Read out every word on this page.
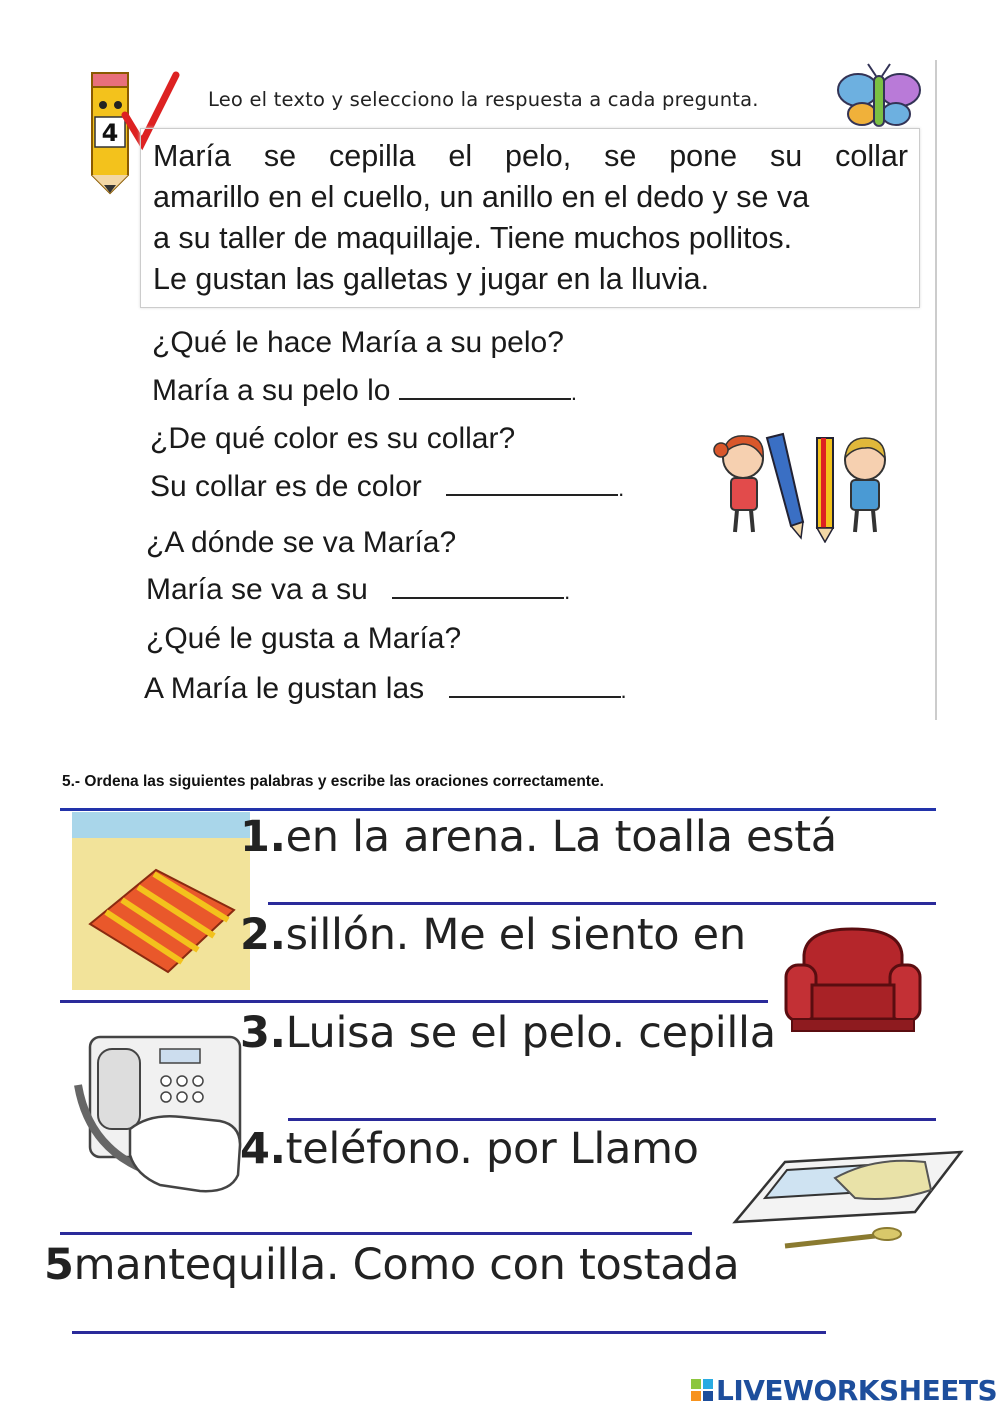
4
Leo el texto y selecciono la respuesta a cada pregunta.
María se cepilla el pelo, se pone su collar
amarillo en el cuello, un anillo en el dedo y se va
a su taller de maquillaje. Tiene muchos pollitos.
Le gustan las galletas y jugar en la lluvia.
¿Qué le hace María a su pelo?
María a su pelo lo	.
¿De qué color es su collar?
Su collar es de color	.
¿A dónde se va María?
María se va a su	.
¿Qué le gusta a María?
A María le gustan las	.
5.- Ordena las siguientes palabras y escribe las oraciones correctamente.
1.en la arena. La toalla está
2.sillón. Me el siento en
3.Luisa se el pelo. cepilla
4.teléfono. por Llamo
5mantequilla. Como con tostada
LIVEWORKSHEETS
